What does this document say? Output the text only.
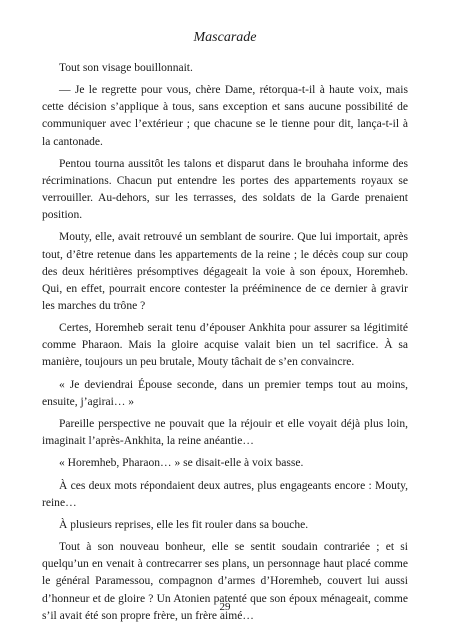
Mascarade

Tout son visage bouillonnait.

— Je le regrette pour vous, chère Dame, rétorqua-t-il à haute voix, mais cette décision s’applique à tous, sans exception et sans aucune possibilité de communiquer avec l’extérieur ; que chacune se le tienne pour dit, lança-t-il à la cantonade.

Pentou tourna aussitôt les talons et disparut dans le brouhaha informe des récriminations. Chacun put entendre les portes des appartements royaux se verrouiller. Au-dehors, sur les terrasses, des soldats de la Garde prenaient position.

Mouty, elle, avait retrouvé un semblant de sourire. Que lui importait, après tout, d’être retenue dans les appartements de la reine ; le décès coup sur coup des deux héritières présomptives dégageait la voie à son époux, Horemheb. Qui, en effet, pourrait encore contester la prééminence de ce dernier à gravir les marches du trône ?

Certes, Horemheb serait tenu d’épouser Ankhita pour assurer sa légitimité comme Pharaon. Mais la gloire acquise valait bien un tel sacrifice. À sa manière, toujours un peu brutale, Mouty tâchait de s’en convaincre.

« Je deviendrai Épouse seconde, dans un premier temps tout au moins, ensuite, j’agirai… »

Pareille perspective ne pouvait que la réjouir et elle voyait déjà plus loin, imaginait l’après-Ankhita, la reine anéantie…

« Horemheb, Pharaon… » se disait-elle à voix basse.

À ces deux mots répondaient deux autres, plus engageants encore : Mouty, reine…

À plusieurs reprises, elle les fit rouler dans sa bouche.

Tout à son nouveau bonheur, elle se sentit soudain contrariée ; et si quelqu’un en venait à contrecarrer ses plans, un personnage haut placé comme le général Paramessou, compagnon d’armes d’Horemheb, couvert lui aussi d’honneur et de gloire ? Un Atonien patenté que son époux ménageait, comme s’il avait été son propre frère, un frère aimé…

29
